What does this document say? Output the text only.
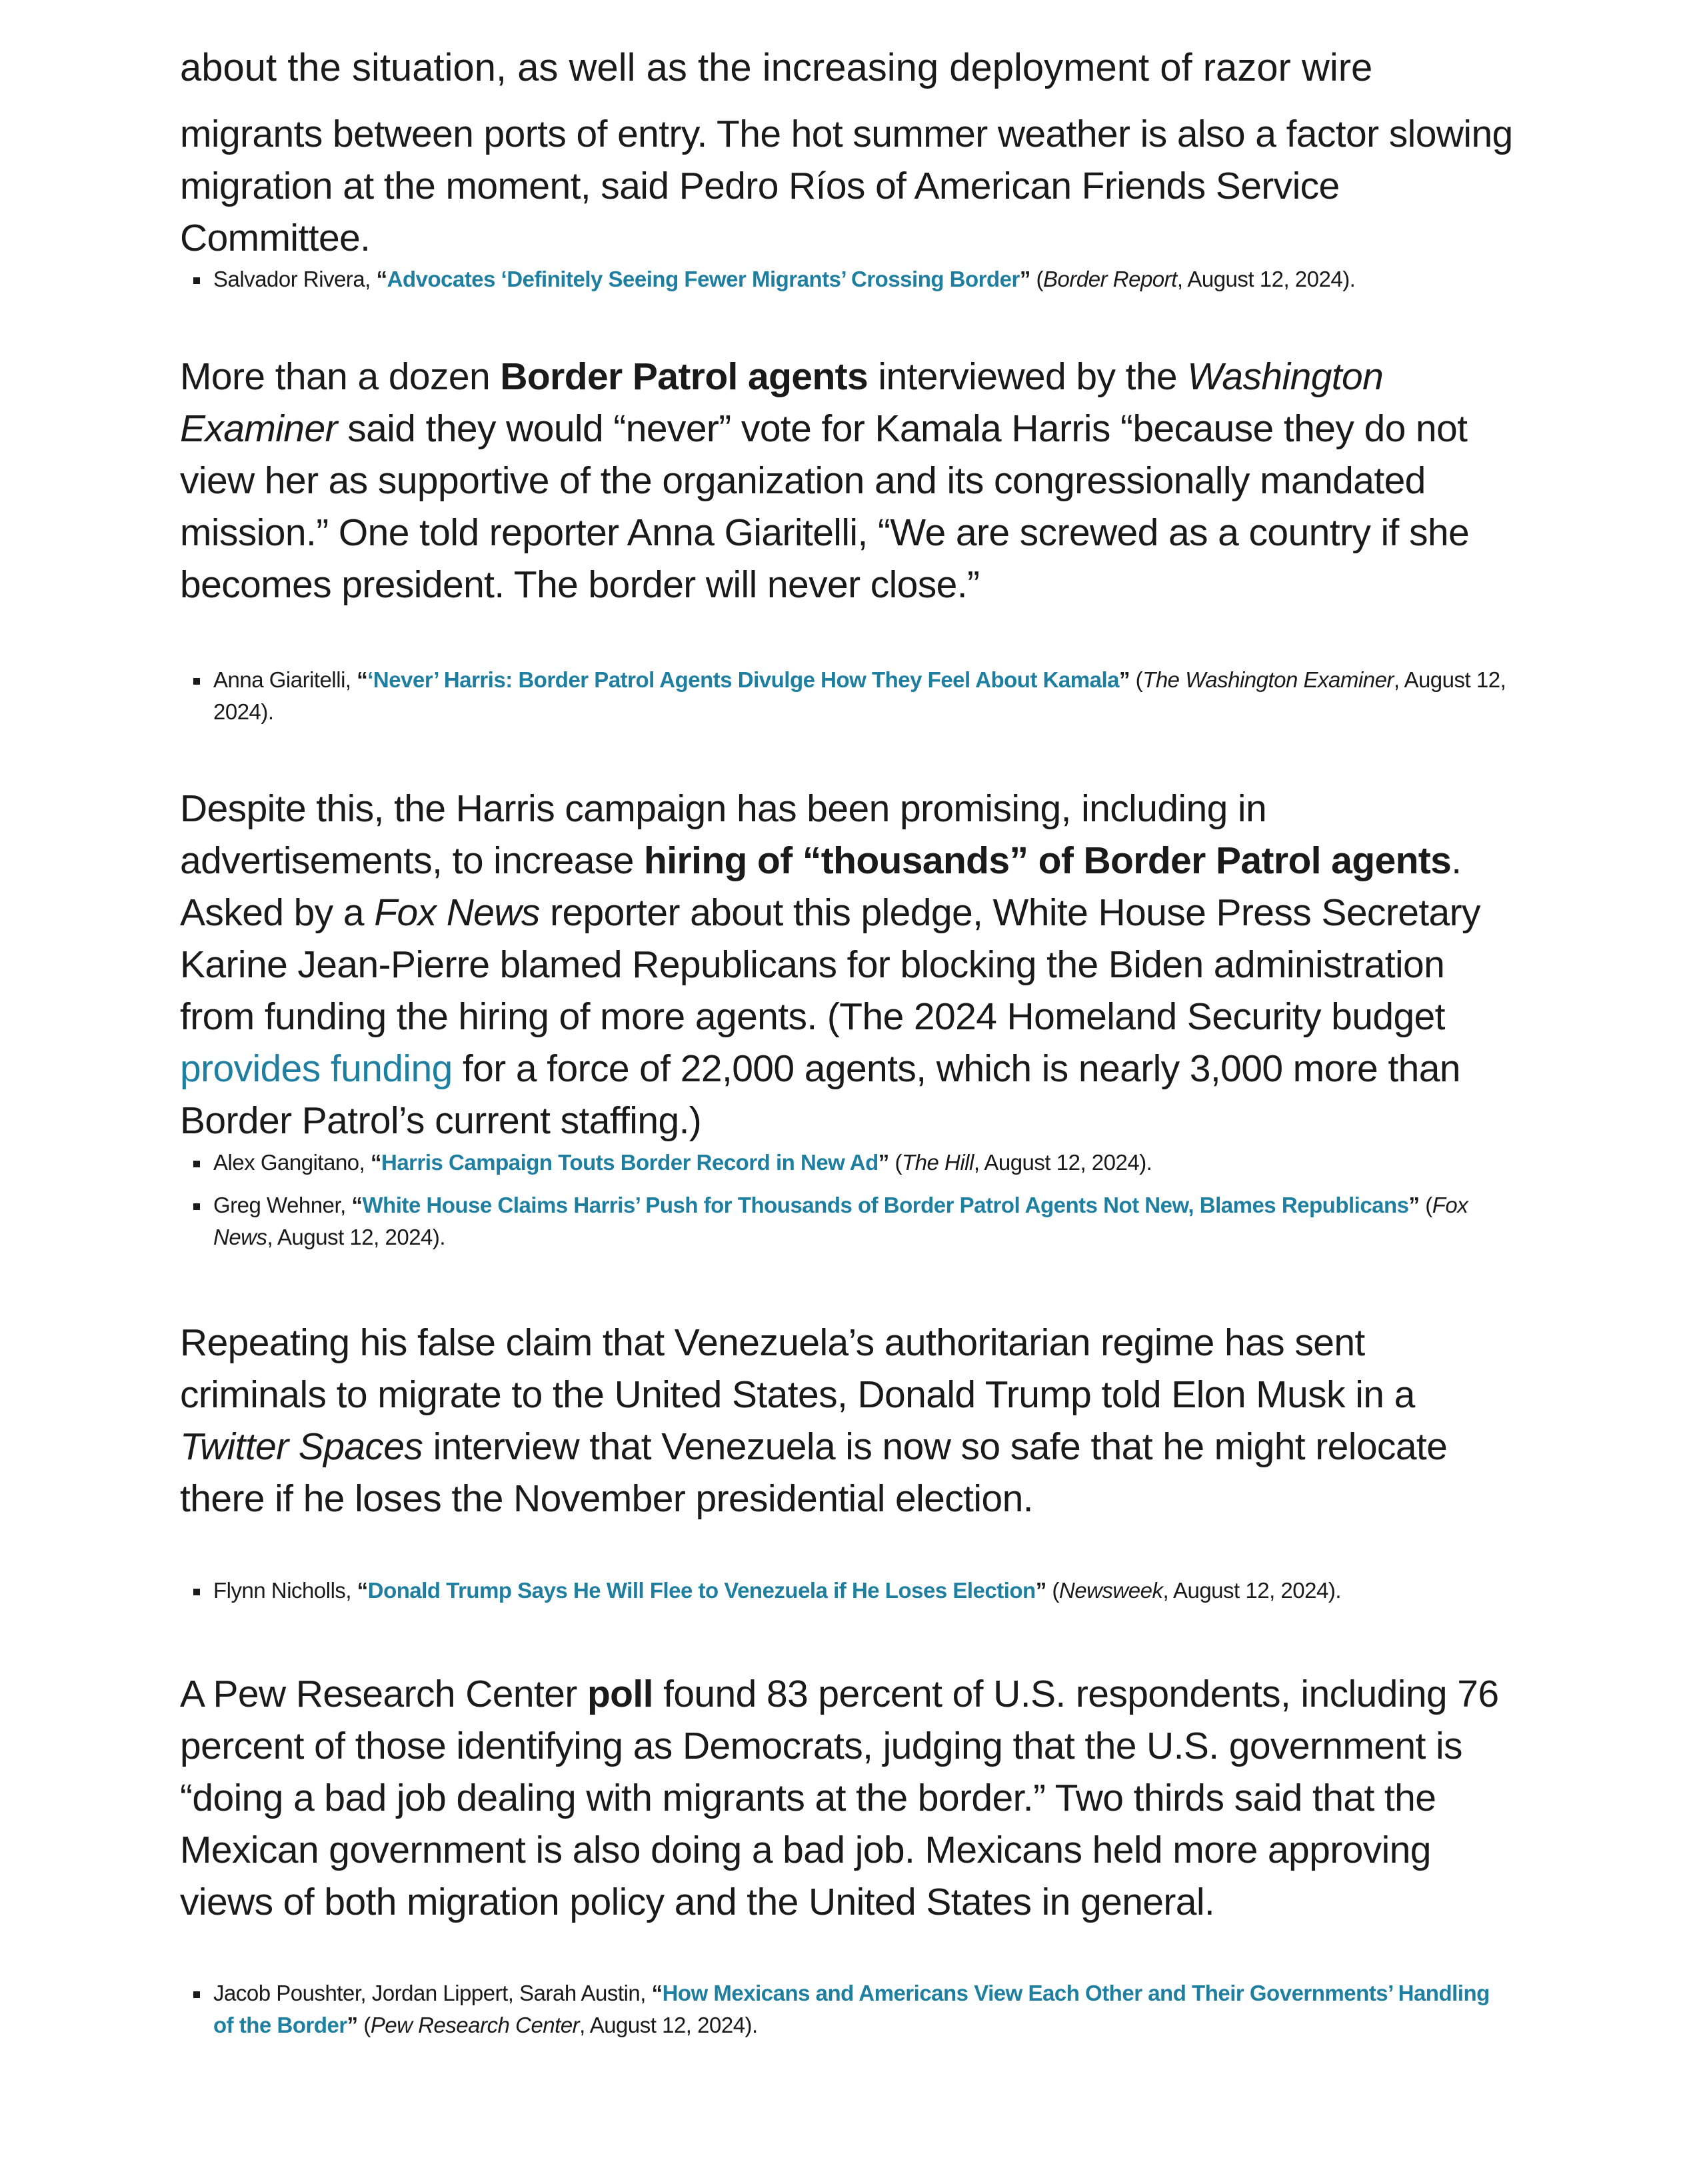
about the situation, as well as the increasing deployment of razor wire

migrants between ports of entry. The hot summer weather is also a factor slowing migration at the moment, said Pedro Ríos of American Friends Service Committee.

Salvador Rivera, “Advocates ‘Definitely Seeing Fewer Migrants’ Crossing Border” (Border Report, August 12, 2024).

More than a dozen Border Patrol agents interviewed by the Washington Examiner said they would “never” vote for Kamala Harris “because they do not view her as supportive of the organization and its congressionally mandated mission.” One told reporter Anna Giaritelli, “We are screwed as a country if she becomes president. The border will never close.”

Anna Giaritelli, “‘Never’ Harris: Border Patrol Agents Divulge How They Feel About Kamala” (The Washington Examiner, August 12, 2024).

Despite this, the Harris campaign has been promising, including in advertisements, to increase hiring of “thousands” of Border Patrol agents. Asked by a Fox News reporter about this pledge, White House Press Secretary Karine Jean-Pierre blamed Republicans for blocking the Biden administration from funding the hiring of more agents. (The 2024 Homeland Security budget provides funding for a force of 22,000 agents, which is nearly 3,000 more than Border Patrol’s current staffing.)

Alex Gangitano, “Harris Campaign Touts Border Record in New Ad” (The Hill, August 12, 2024).
Greg Wehner, “White House Claims Harris’ Push for Thousands of Border Patrol Agents Not New, Blames Republicans” (Fox News, August 12, 2024).

Repeating his false claim that Venezuela’s authoritarian regime has sent criminals to migrate to the United States, Donald Trump told Elon Musk in a Twitter Spaces interview that Venezuela is now so safe that he might relocate there if he loses the November presidential election.

Flynn Nicholls, “Donald Trump Says He Will Flee to Venezuela if He Loses Election” (Newsweek, August 12, 2024).

A Pew Research Center poll found 83 percent of U.S. respondents, including 76 percent of those identifying as Democrats, judging that the U.S. government is “doing a bad job dealing with migrants at the border.” Two thirds said that the Mexican government is also doing a bad job. Mexicans held more approving views of both migration policy and the United States in general.

Jacob Poushter, Jordan Lippert, Sarah Austin, “How Mexicans and Americans View Each Other and Their Governments’ Handling of the Border” (Pew Research Center, August 12, 2024).
